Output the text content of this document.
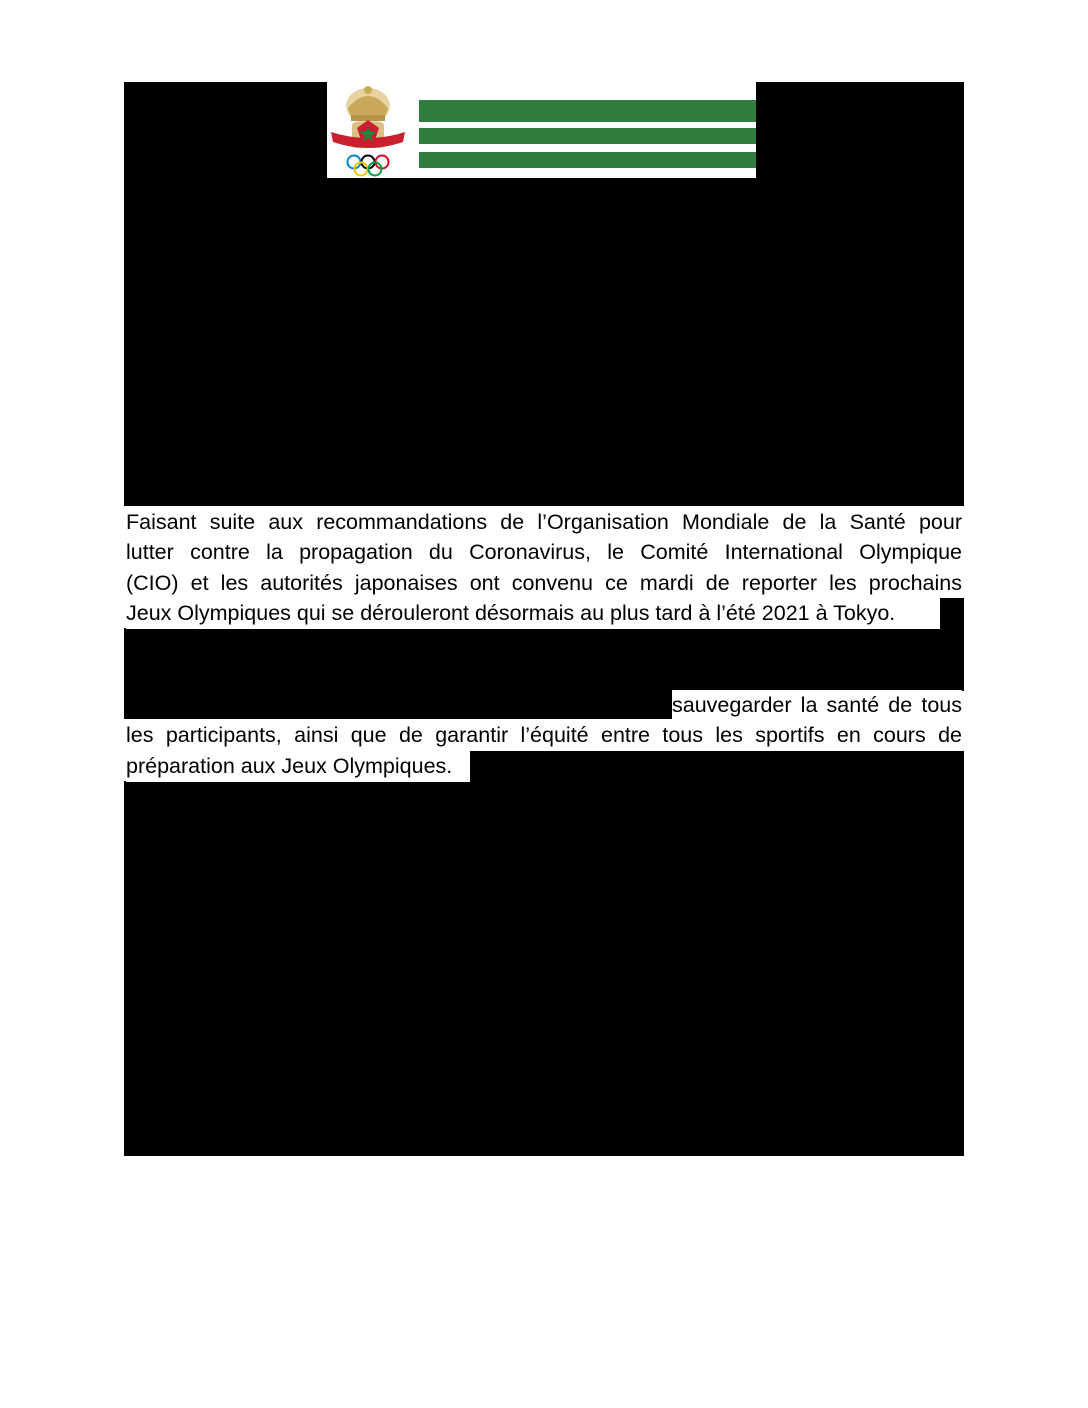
Faisant suite aux recommandations de l’Organisation Mondiale de la Santé pour
lutter contre la propagation du Coronavirus, le Comité International Olympique
(CIO) et les autorités japonaises ont convenu ce mardi de reporter les prochains
Jeux Olympiques qui se dérouleront désormais au plus tard à l’été 2021 à Tokyo.
sauvegarder la santé de tous
les participants, ainsi que de garantir l’équité entre tous les sportifs en cours de
préparation aux Jeux Olympiques.
